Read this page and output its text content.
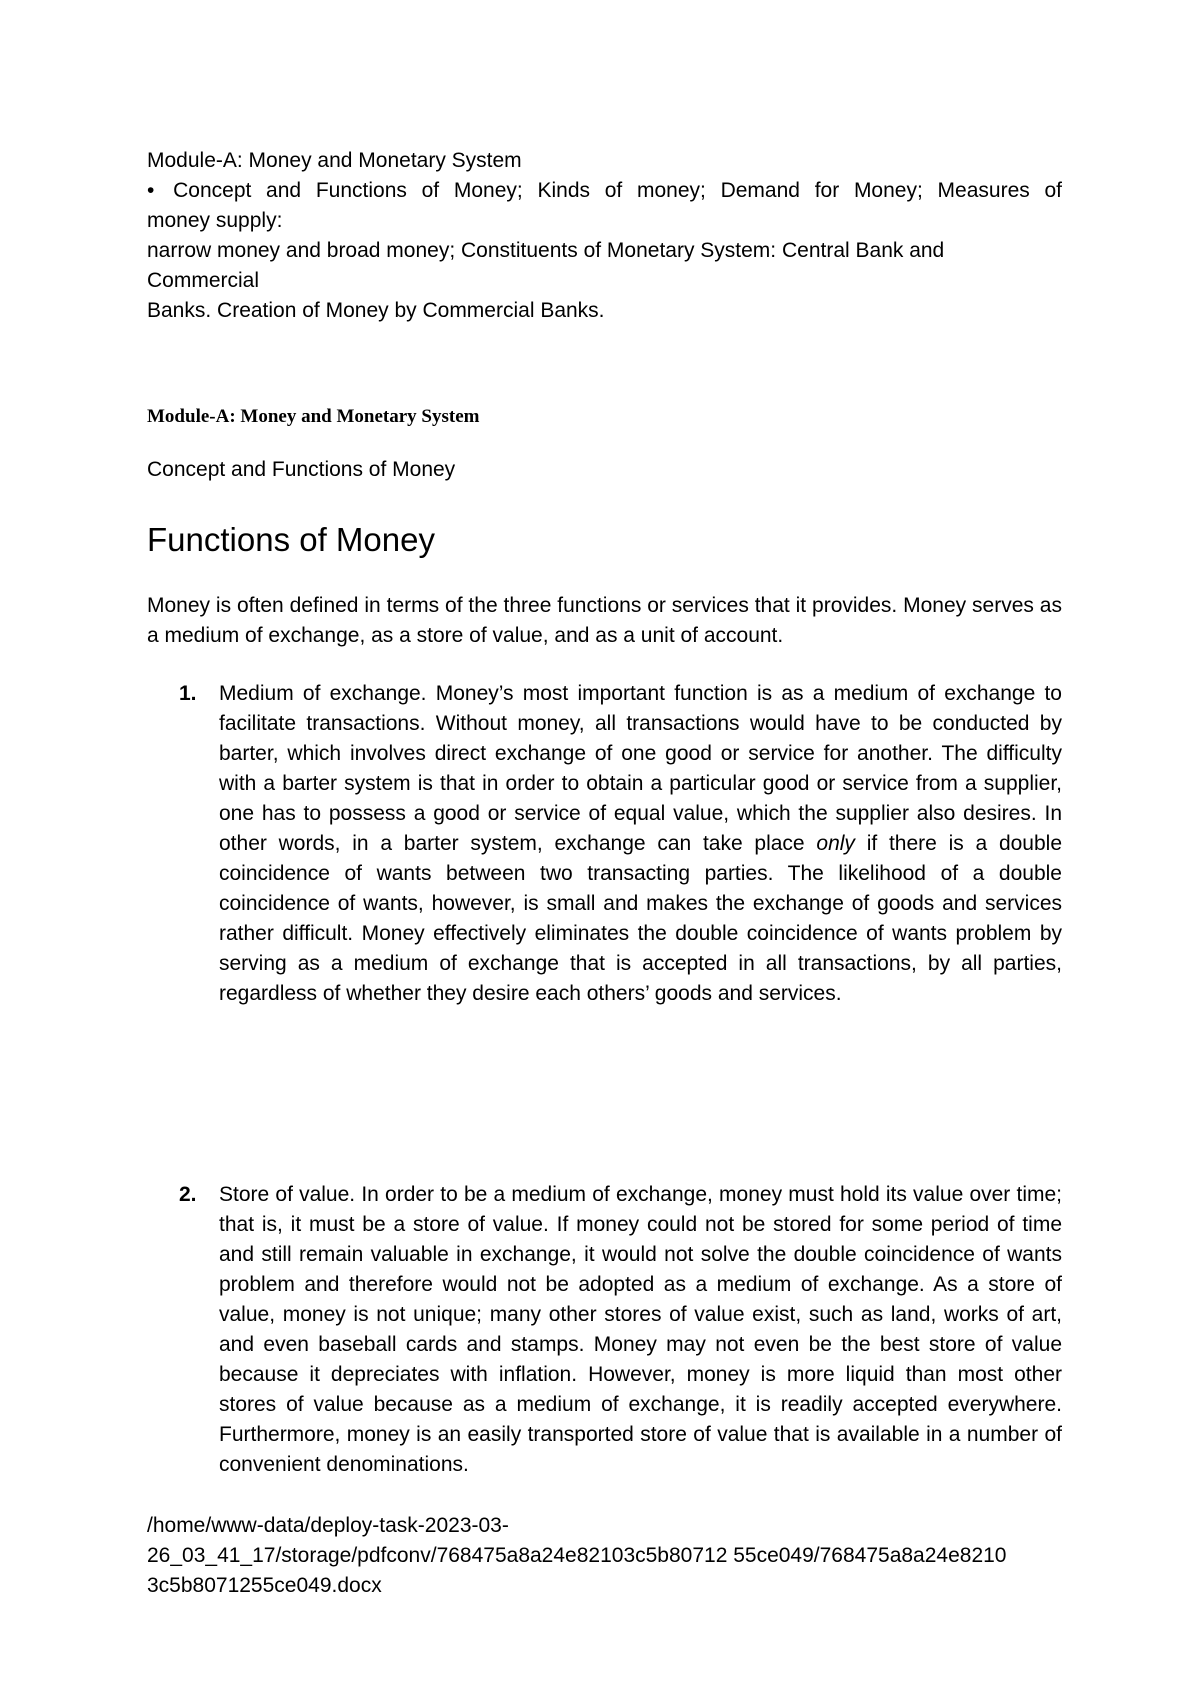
Module-A: Money and Monetary System
• Concept and Functions of Money; Kinds of money; Demand for Money; Measures of
money supply:
narrow money and broad money; Constituents of Monetary System: Central Bank and
Commercial
Banks. Creation of Money by Commercial Banks.
Module-A: Money and Monetary System
Concept and Functions of Money
Functions of Money
Money is often defined in terms of the three functions or services that it provides. Money serves as a medium of exchange, as a store of value, and as a unit of account.
1. Medium of exchange. Money’s most important function is as a medium of exchange to facilitate transactions. Without money, all transactions would have to be conducted by barter, which involves direct exchange of one good or service for another. The difficulty with a barter system is that in order to obtain a particular good or service from a supplier, one has to possess a good or service of equal value, which the supplier also desires. In other words, in a barter system, exchange can take place only if there is a double coincidence of wants between two transacting parties. The likelihood of a double coincidence of wants, however, is small and makes the exchange of goods and services rather difficult. Money effectively eliminates the double coincidence of wants problem by serving as a medium of exchange that is accepted in all transactions, by all parties, regardless of whether they desire each others’ goods and services.
2. Store of value. In order to be a medium of exchange, money must hold its value over time; that is, it must be a store of value. If money could not be stored for some period of time and still remain valuable in exchange, it would not solve the double coincidence of wants problem and therefore would not be adopted as a medium of exchange. As a store of value, money is not unique; many other stores of value exist, such as land, works of art, and even baseball cards and stamps. Money may not even be the best store of value because it depreciates with inflation. However, money is more liquid than most other stores of value because as a medium of exchange, it is readily accepted everywhere. Furthermore, money is an easily transported store of value that is available in a number of convenient denominations.
/home/www-data/deploy-task-2023-03-
26_03_41_17/storage/pdfconv/768475a8a24e82103c5b80712 55ce049/768475a8a24e8210
3c5b8071255ce049.docx
